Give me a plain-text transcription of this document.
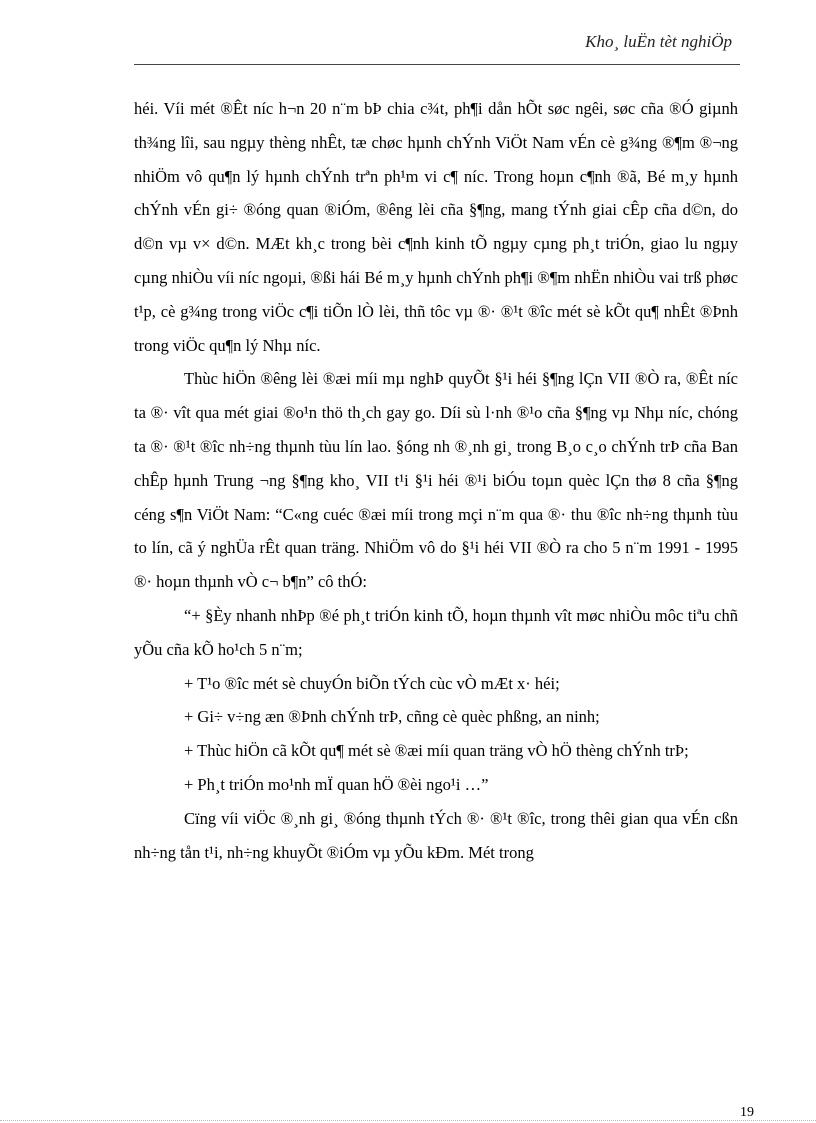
Kho¸ luËn tèt nghiÖp

héi. Víi mét ®Êt níc h¬n 20 n¨m bÞ chia c¾t, ph¶i dån hÕt søc ngêi, søc cña ®Ó giµnh th¾ng lîi, sau ngµy thèng nhÊt, tæ chøc hµnh chÝnh ViÖt Nam vÉn cè g¾ng ®¶m ®¬ng nhiÖm vô qu¶n lý hµnh chÝnh trªn ph¹m vi c¶ níc. Trong hoµn c¶nh ®ã, Bé m¸y hµnh chÝnh vÉn gi÷ ®óng quan ®iÓm, ®êng lèi cña §¶ng, mang tÝnh giai cÊp cña d©n, do d©n vµ v× d©n. MÆt kh¸c trong bèi c¶nh kinh tÕ ngµy cµng ph¸t triÓn, giao lu ngµy cµng nhiÒu víi níc ngoµi, ®ßi hái Bé m¸y hµnh chÝnh ph¶i ®¶m nhËn nhiÒu vai trß phøc t¹p, cè g¾ng trong viÖc c¶i tiÕn lÒ lèi, thñ tôc vµ ®· ®¹t ®îc mét sè kÕt qu¶ nhÊt ®Þnh trong viÖc qu¶n lý Nhµ níc.

Thùc hiÖn ®êng lèi ®æi míi mµ nghÞ quyÕt §¹i héi §¶ng lÇn VII ®Ò ra, ®Êt níc ta ®· vît qua mét giai ®o¹n thö th¸ch gay go. Díi sù l·nh ®¹o cña §¶ng vµ Nhµ níc, chóng ta ®· ®¹t ®îc nh÷ng thµnh tùu lín lao. §óng nh ®¸nh gi¸ trong B¸o c¸o chÝnh trÞ cña Ban chÊp hµnh Trung ¬ng §¶ng kho¸ VII t¹i §¹i héi ®¹i biÓu toµn quèc lÇn thø 8 cña §¶ng céng s¶n ViÖt Nam: “C«ng cuéc ®æi míi trong mçi n¨m qua ®· thu ®îc nh÷ng thµnh tùu to lín, cã ý nghÜa rÊt quan träng. NhiÖm vô do §¹i héi VII ®Ò ra cho 5 n¨m 1991 - 1995 ®· hoµn thµnh vÒ c¬ b¶n” cô thÓ:

“+ §Èy nhanh nhÞp ®é ph¸t triÓn kinh tÕ, hoµn thµnh vît møc nhiÒu môc tiªu chñ yÕu cña kÕ ho¹ch 5 n¨m;

+ T¹o ®îc mét sè chuyÓn biÕn tÝch cùc vÒ mÆt x· héi;

+ Gi÷ v÷ng æn ®Þnh chÝnh trÞ, cñng cè quèc phßng, an ninh;

+ Thùc hiÖn cã kÕt qu¶ mét sè ®æi míi quan träng vÒ hÖ thèng chÝnh trÞ;

+ Ph¸t triÓn mo¹nh mÏ quan hÖ ®èi ngo¹i …”

Cïng víi viÖc ®¸nh gi¸ ®óng thµnh tÝch ®· ®¹t ®îc, trong thêi gian qua vÉn cßn nh÷ng tån t¹i, nh÷ng khuyÕt ®iÓm vµ yÕu kÐm. Mét trong

19
